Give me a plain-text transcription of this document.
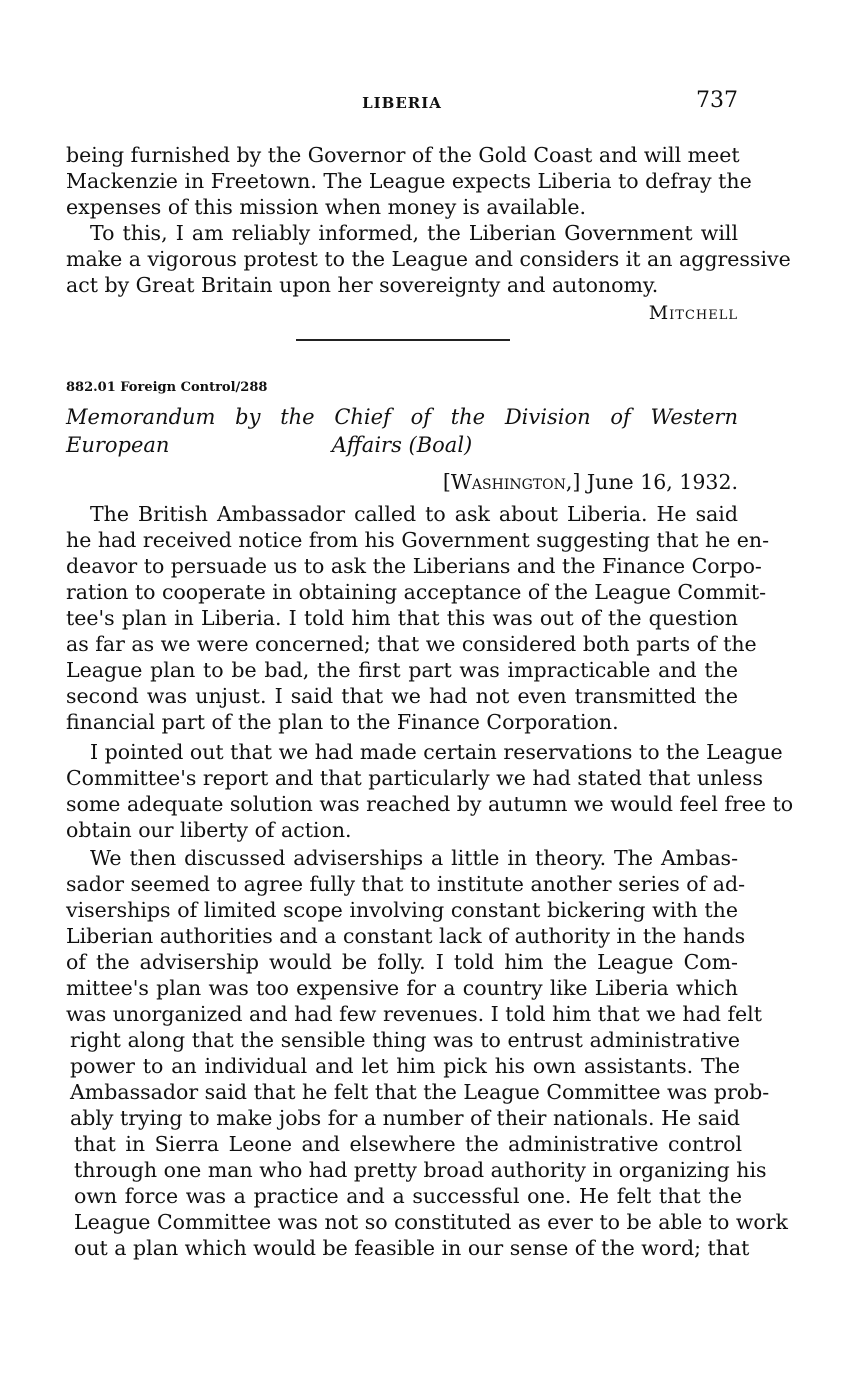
LIBERIA	737
being furnished by the Governor of the Gold Coast and will meet
Mackenzie in Freetown. The League expects Liberia to defray the
expenses of this mission when money is available.
To this, I am reliably informed, the Liberian Government will
make a vigorous protest to the League and considers it an aggressive
act by Great Britain upon her sovereignty and autonomy.
Mitchell
882.01 Foreign Control/288
Memorandum by the Chief of the Division of Western European	Affairs (Boal)
[Washington,] June 16, 1932.
The British Ambassador called to ask about Liberia. He said
he had received notice from his Government suggesting that he en-
deavor to persuade us to ask the Liberians and the Finance Corpo-
ration to cooperate in obtaining acceptance of the League Commit-
tee's plan in Liberia. I told him that this was out of the question
as far as we were concerned; that we considered both parts of the
League plan to be bad, the first part was impracticable and the
second was unjust. I said that we had not even transmitted the
financial part of the plan to the Finance Corporation.
I pointed out that we had made certain reservations to the League
Committee's report and that particularly we had stated that unless
some adequate solution was reached by autumn we would feel free to
obtain our liberty of action.
We then discussed adviserships a little in theory. The Ambas-
sador seemed to agree fully that to institute another series of ad-
viserships of limited scope involving constant bickering with the
Liberian authorities and a constant lack of authority in the hands
of the advisership would be folly. I told him the League Com-
mittee's plan was too expensive for a country like Liberia which
was unorganized and had few revenues. I told him that we had felt
right along that the sensible thing was to entrust administrative
power to an individual and let him pick his own assistants. The
Ambassador said that he felt that the League Committee was prob-
ably trying to make jobs for a number of their nationals. He said
that in Sierra Leone and elsewhere the administrative control
through one man who had pretty broad authority in organizing his
own force was a practice and a successful one. He felt that the
League Committee was not so constituted as ever to be able to work
out a plan which would be feasible in our sense of the word; that
